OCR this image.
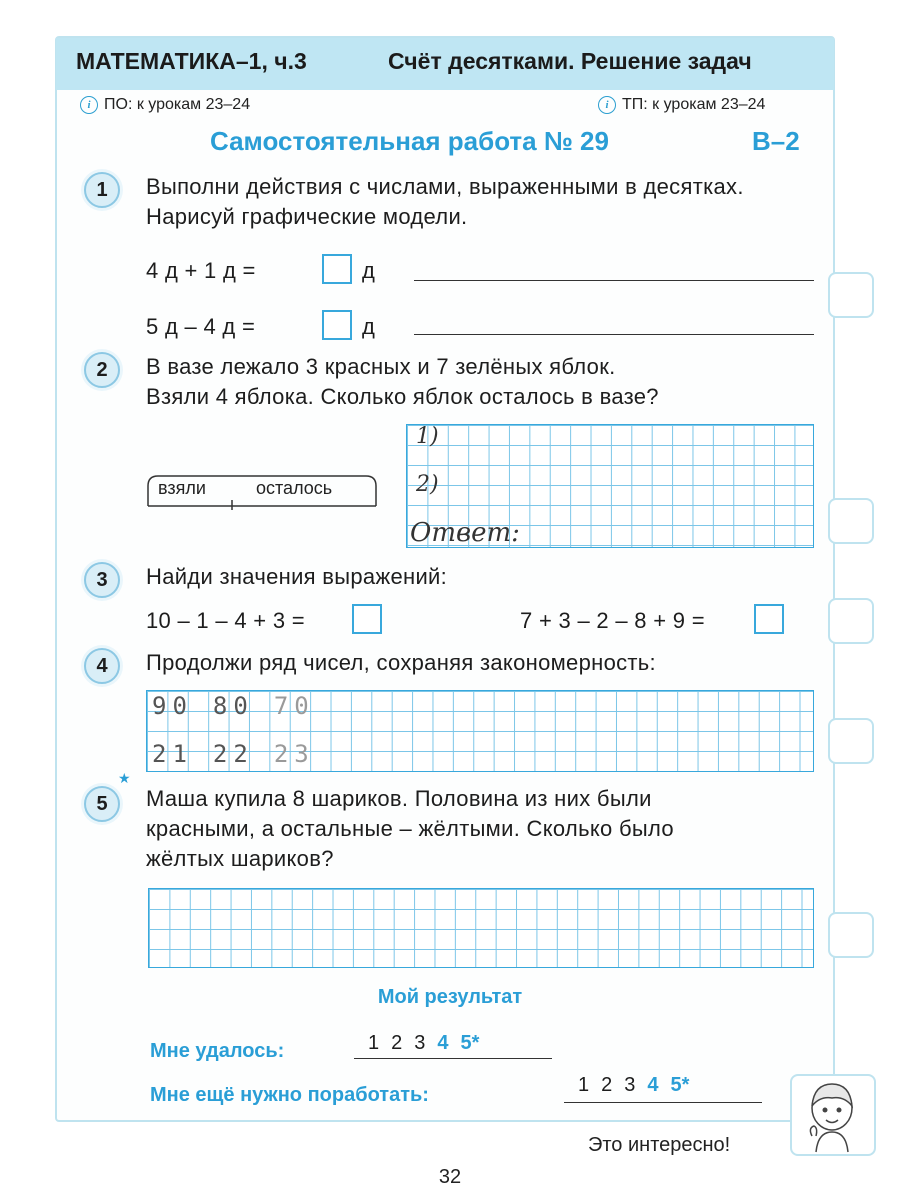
МАТЕМАТИКА–1, ч.3	Счёт десятками. Решение задач
i ПО: к урокам 23–24	i ТП: к урокам 23–24
Самостоятельная работа № 29	В–2
1	Выполни действия с числами, выраженными в десятках.
Нарисуй графические модели.
4 д + 1 д =	д
5 д – 4 д =	д
2	В вазе лежало 3 красных и 7 зелёных яблок.
Взяли 4 яблока. Сколько яблок осталось в вазе?
взяли	осталось
1)
2)
Ответ:
3	Найди значения выражений:
10 – 1 – 4 + 3 =	7 + 3 – 2 – 8 + 9 =
4	Продолжи ряд чисел, сохраняя закономерность:
90 80 70
21 22 23
5
★
Маша купила 8 шариков. Половина из них были
красными, а остальные – жёлтыми. Сколько было
жёлтых шариков?
Мой результат
Мне удалось:	1 2 3 4 5*
Мне ещё нужно поработать:	1 2 3 4 5*
Это интересно!
32
